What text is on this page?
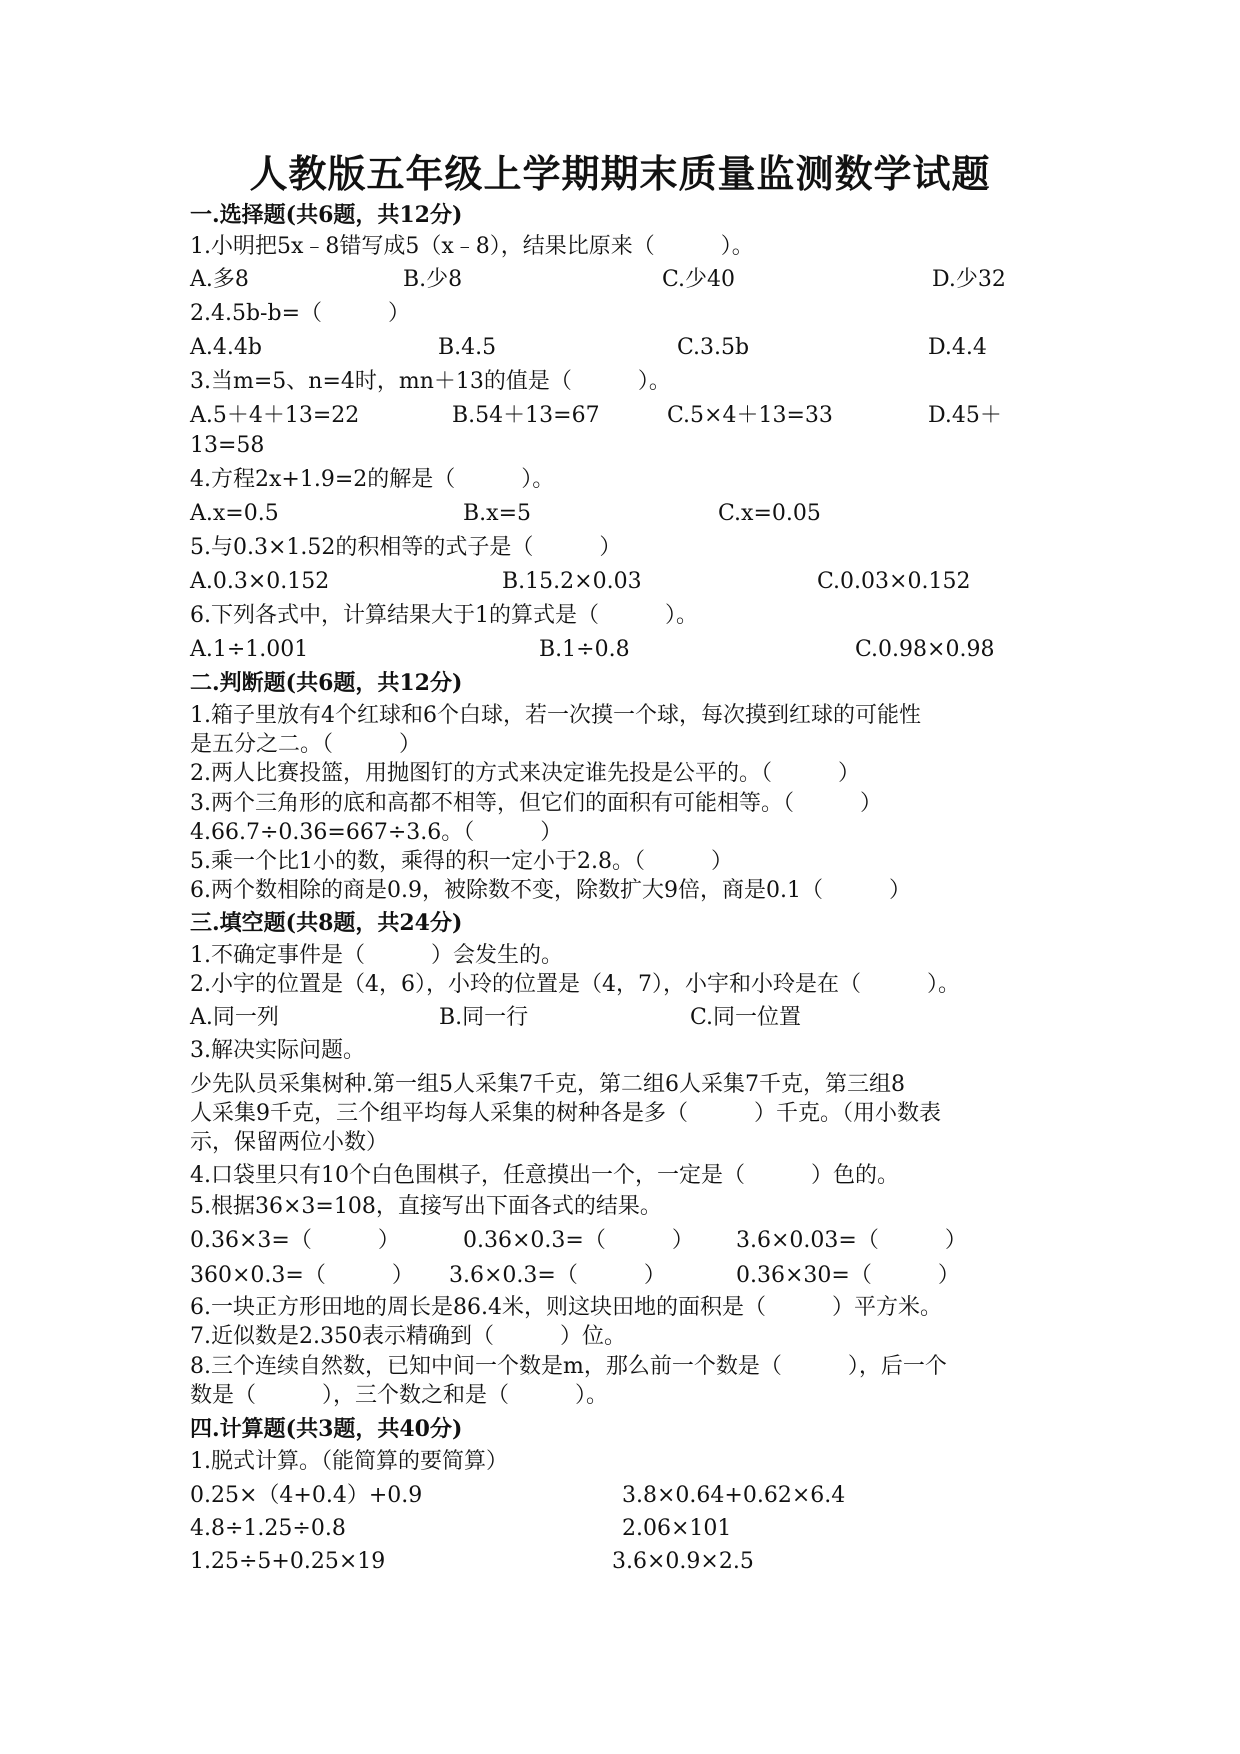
人教版五年级上学期期末质量监测数学试题
一.选择题(共6题，共12分)
1.小明把5x﹣8错写成5（x﹣8），结果比原来（　　　）。
A.多8	B.少8	C.少40	D.少32
2.4.5b-b=（　　　）
A.4.4b	B.4.5	C.3.5b	D.4.4
3.当m=5、n=4时，mn＋13的值是（　　　）。
A.5＋4＋13=22	B.54＋13=67	C.5×4＋13=33	D.45＋
13=58
4.方程2x+1.9=2的解是（　　　）。
A.x=0.5	B.x=5	C.x=0.05
5.与0.3×1.52的积相等的式子是（　　　）
A.0.3×0.152	B.15.2×0.03	C.0.03×0.152
6.下列各式中，计算结果大于1的算式是（　　　）。
A.1÷1.001	B.1÷0.8	C.0.98×0.98
二.判断题(共6题，共12分)
1.箱子里放有4个红球和6个白球，若一次摸一个球，每次摸到红球的可能性
是五分之二。（　　　）
2.两人比赛投篮，用抛图钉的方式来决定谁先投是公平的。（　　　）
3.两个三角形的底和高都不相等，但它们的面积有可能相等。（　　　）
4.66.7÷0.36=667÷3.6。（　　　）
5.乘一个比1小的数，乘得的积一定小于2.8。（　　　）
6.两个数相除的商是0.9，被除数不变，除数扩大9倍，商是0.1（　　　）
三.填空题(共8题，共24分)
1.不确定事件是（　　　）会发生的。
2.小宇的位置是（4，6），小玲的位置是（4，7），小宇和小玲是在（　　　）。
A.同一列	B.同一行	C.同一位置
3.解决实际问题。
少先队员采集树种.第一组5人采集7千克，第二组6人采集7千克，第三组8
人采集9千克，三个组平均每人采集的树种各是多（　　　）千克。（用小数表
示，保留两位小数）
4.口袋里只有10个白色围棋子，任意摸出一个，一定是（　　　）色的。
5.根据36×3=108，直接写出下面各式的结果。
0.36×3=（　　　）	0.36×0.3=（　　　） 3.6×0.03=（　　　）
360×0.3=（　　　） 3.6×0.3=（　　　）	0.36×30=（　　　）
6.一块正方形田地的周长是86.4米，则这块田地的面积是（　　　）平方米。
7.近似数是2.350表示精确到（　　　）位。
8.三个连续自然数，已知中间一个数是m，那么前一个数是（　　　），后一个
数是（　　　），三个数之和是（　　　）。
四.计算题(共3题，共40分)
1.脱式计算。（能简算的要简算）
0.25×（4+0.4）+0.9	3.8×0.64+0.62×6.4
4.8÷1.25÷0.8	2.06×101
1.25÷5+0.25×19	3.6×0.9×2.5
